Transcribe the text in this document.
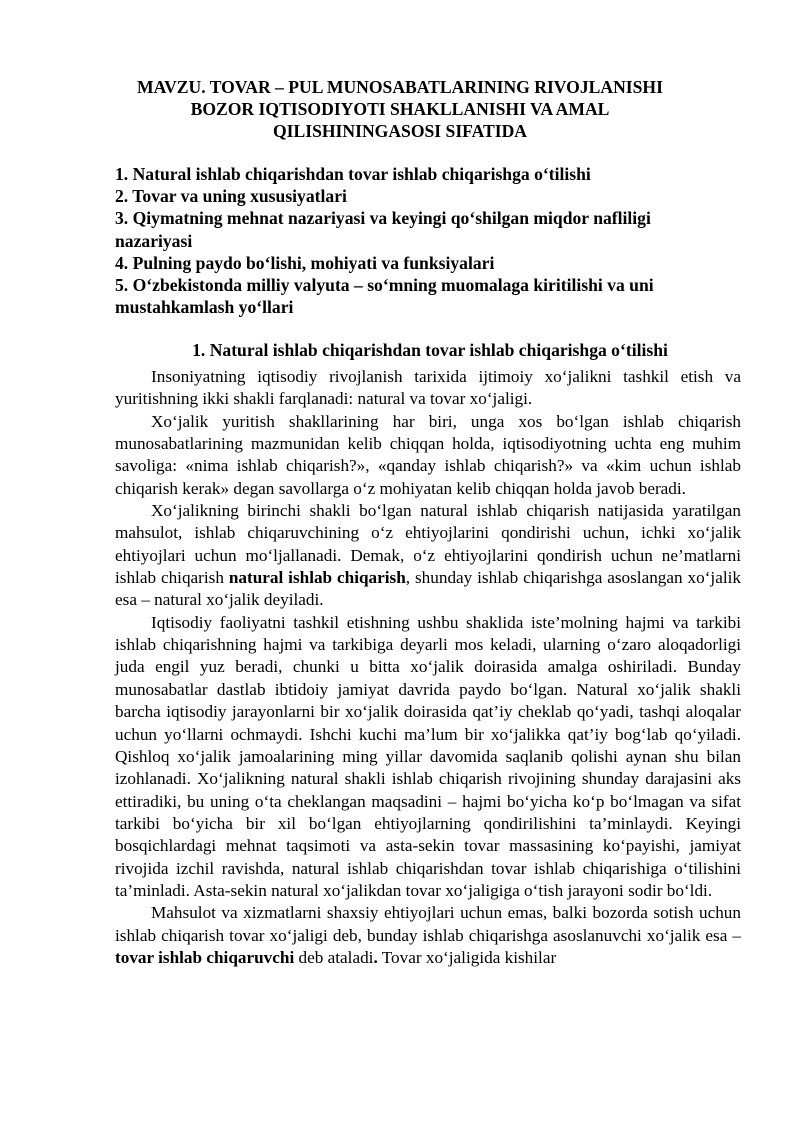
MAVZU. TOVAR – PUL MUNOSABATLARINING RIVOJLANISHI
BOZOR IQTISODIYOTI SHAKLLANISHI VA AMAL
QILISHININGASOSI SIFATIDA
1. Natural ishlab chiqarishdan tovar ishlab chiqarishga o‘tilishi
2. Tovar va uning xususiyatlari
3. Qiymatning mehnat nazariyasi va keyingi qo‘shilgan miqdor nafliligi
nazariyasi
4. Pulning paydo bo‘lishi, mohiyati va funksiyalari
5. O‘zbekistonda milliy valyuta – so‘mning muomalaga kiritilishi va uni
mustahkamlash yo‘llari
1. Natural ishlab chiqarishdan tovar ishlab chiqarishga o‘tilishi

Insoniyatning iqtisodiy rivojlanish tarixida ijtimoiy xo‘jalikni tashkil etish va yuritishning ikki shakli farqlanadi: natural va tovar xo‘jaligi.

Xo‘jalik yuritish shakllarining har biri, unga xos bo‘lgan ishlab chiqarish munosabatlarining mazmunidan kelib chiqqan holda, iqtisodiyotning uchta eng muhim savoliga: «nima ishlab chiqarish?», «qanday ishlab chiqarish?» va «kim uchun ishlab chiqarish kerak» degan savollarga o‘z mohiyatan kelib chiqqan holda javob beradi.

Xo‘jalikning birinchi shakli bo‘lgan natural ishlab chiqarish natijasida yaratilgan mahsulot, ishlab chiqaruvchining o‘z ehtiyojlarini qondirishi uchun, ichki xo‘jalik ehtiyojlari uchun mo‘ljallanadi. Demak, o‘z ehtiyojlarini qondirish uchun ne’matlarni ishlab chiqarish natural ishlab chiqarish, shunday ishlab chiqarishga asoslangan xo‘jalik esa – natural xo‘jalik deyiladi.

Iqtisodiy faoliyatni tashkil etishning ushbu shaklida iste’molning hajmi va tarkibi ishlab chiqarishning hajmi va tarkibiga deyarli mos keladi, ularning o‘zaro aloqadorligi juda engil yuz beradi, chunki u bitta xo‘jalik doirasida amalga oshiriladi. Bunday munosabatlar dastlab ibtidoiy jamiyat davrida paydo bo‘lgan. Natural xo‘jalik shakli barcha iqtisodiy jarayonlarni bir xo‘jalik doirasida qat’iy cheklab qo‘yadi, tashqi aloqalar uchun yo‘llarni ochmaydi. Ishchi kuchi ma’lum bir xo‘jalikka qat’iy bog‘lab qo‘yiladi. Qishloq xo‘jalik jamoalarining ming yillar davomida saqlanib qolishi aynan shu bilan izohlanadi. Xo‘jalikning natural shakli ishlab chiqarish rivojining shunday darajasini aks ettiradiki, bu uning o‘ta cheklangan maqsadini – hajmi bo‘yicha ko‘p bo‘lmagan va sifat tarkibi bo‘yicha bir xil bo‘lgan ehtiyojlarning qondirilishini ta’minlaydi. Keyingi bosqichlardagi mehnat taqsimoti va asta-sekin tovar massasining ko‘payishi, jamiyat rivojida izchil ravishda, natural ishlab chiqarishdan tovar ishlab chiqarishiga o‘tilishini ta’minladi. Asta-sekin natural xo‘jalikdan tovar xo‘jaligiga o‘tish jarayoni sodir bo‘ldi.

Mahsulot va xizmatlarni shaxsiy ehtiyojlari uchun emas, balki bozorda sotish uchun ishlab chiqarish tovar xo‘jaligi deb, bunday ishlab chiqarishga asoslanuvchi xo‘jalik esa – tovar ishlab chiqaruvchi deb ataladi. Tovar xo‘jaligida kishilar
